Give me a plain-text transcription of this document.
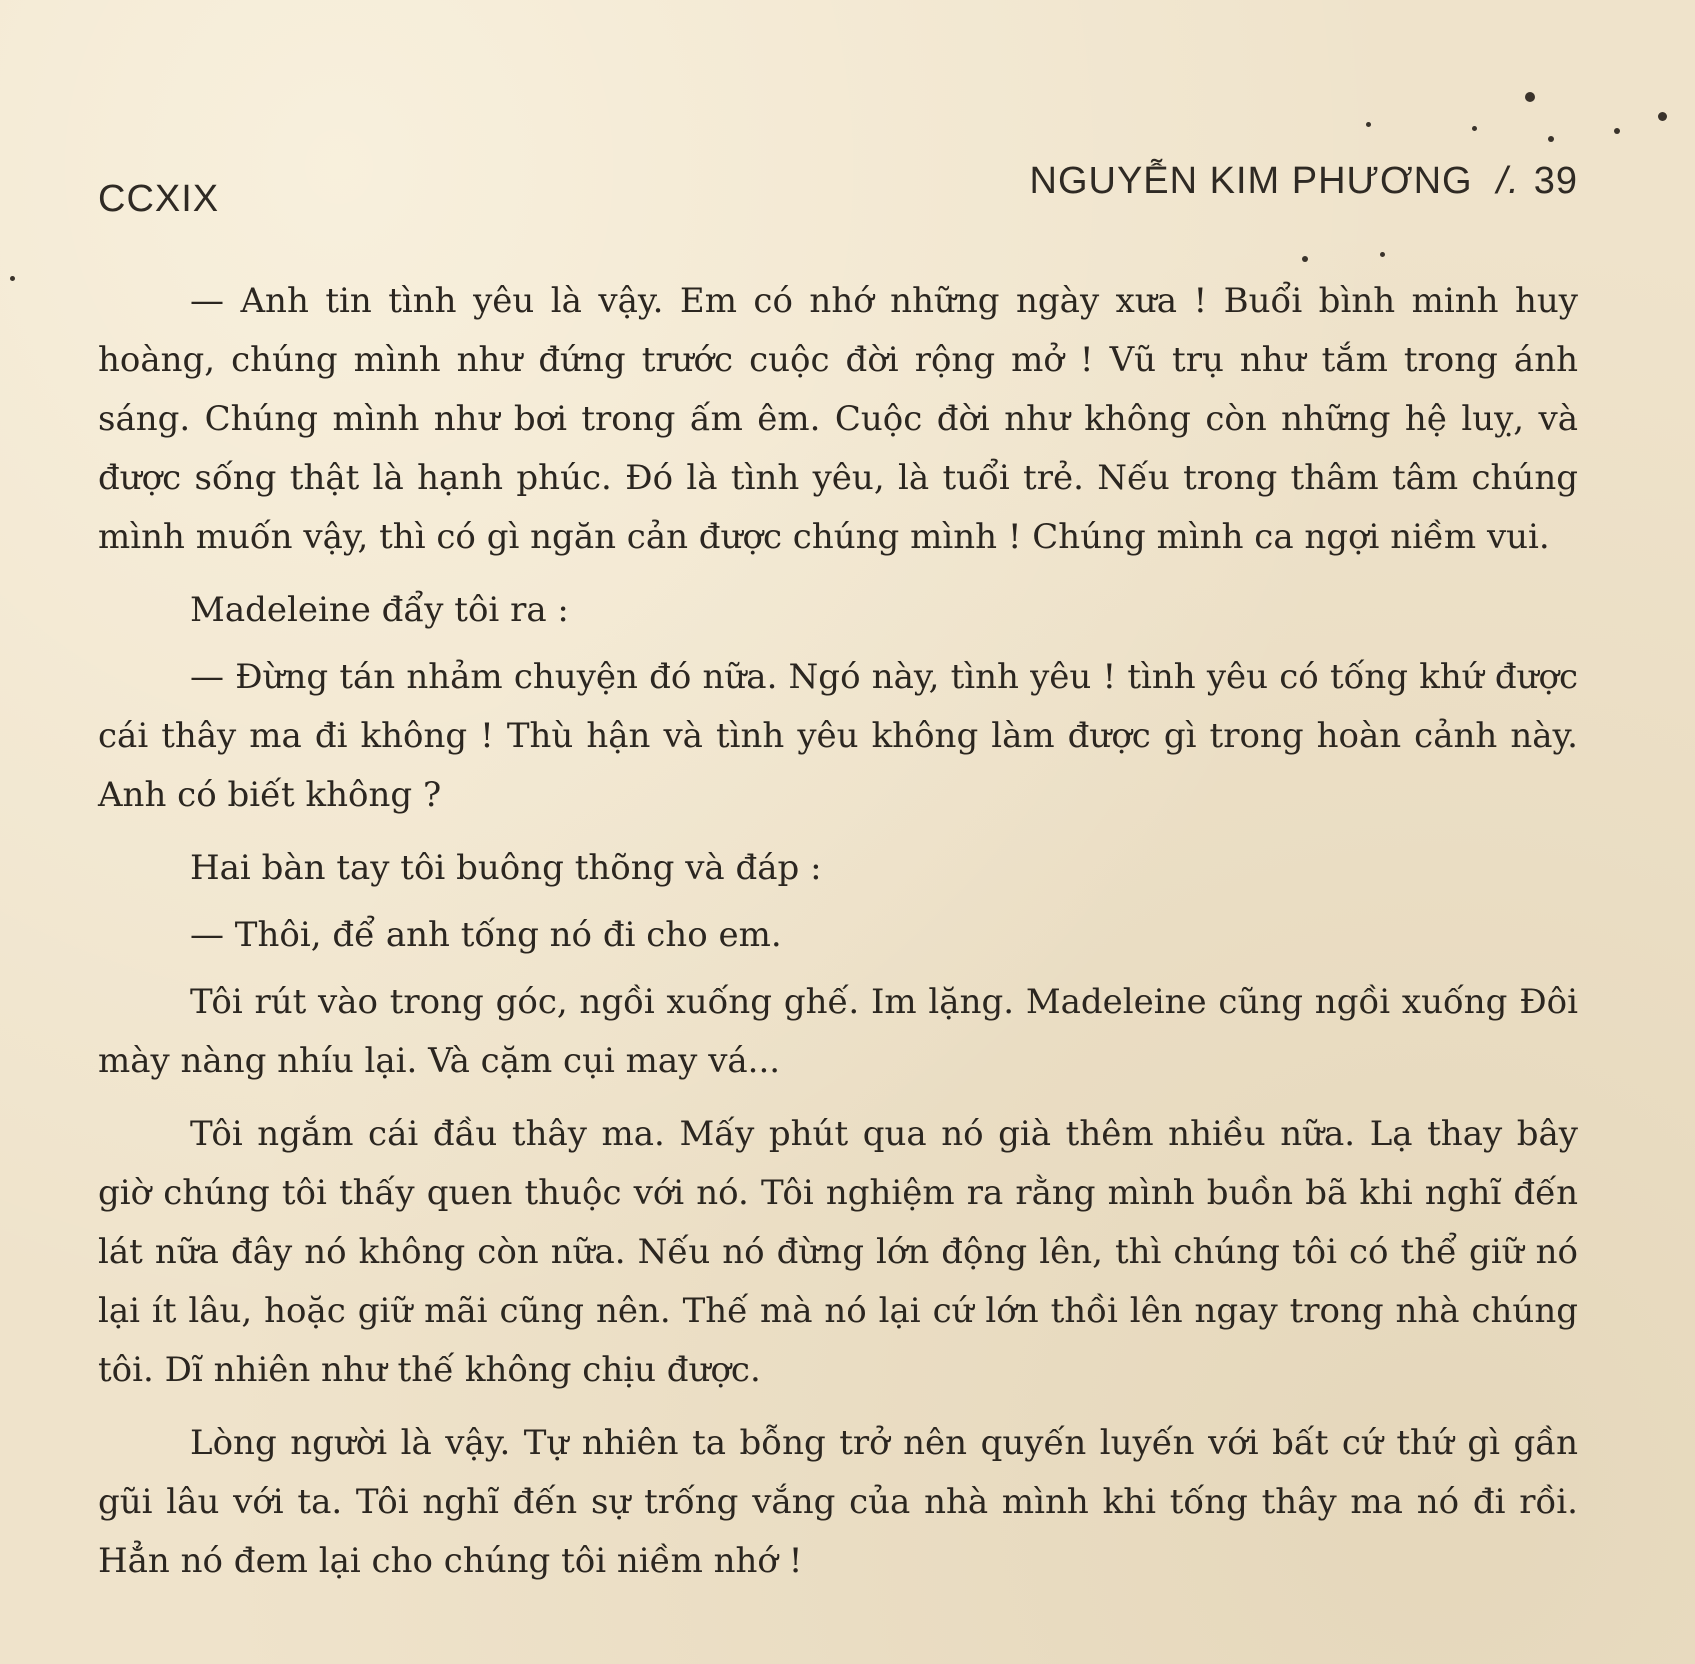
CCXIX	NGUYỄN KIM PHƯƠNG /. 39

— Anh tin tình yêu là vậy. Em có nhớ những ngày xưa ! Buổi bình minh huy hoàng, chúng mình như đứng trước cuộc đời rộng mở ! Vũ trụ như tắm trong ánh sáng. Chúng mình như bơi trong ấm êm. Cuộc đời như không còn những hệ luỵ, và được sống thật là hạnh phúc. Đó là tình yêu, là tuổi trẻ. Nếu trong thâm tâm chúng mình muốn vậy, thì có gì ngăn cản được chúng mình ! Chúng mình ca ngợi niềm vui.

Madeleine đẩy tôi ra :

— Đừng tán nhảm chuyện đó nữa. Ngó này, tình yêu ! tình yêu có tống khứ được cái thây ma đi không ! Thù hận và tình yêu không làm được gì trong hoàn cảnh này. Anh có biết không ?

Hai bàn tay tôi buông thõng và đáp :

— Thôi, để anh tống nó đi cho em.

Tôi rút vào trong góc, ngồi xuống ghế. Im lặng. Madeleine cũng ngồi xuống Đôi mày nàng nhíu lại. Và cặm cụi may vá...

Tôi ngắm cái đầu thây ma. Mấy phút qua nó già thêm nhiều nữa. Lạ thay bây giờ chúng tôi thấy quen thuộc với nó. Tôi nghiệm ra rằng mình buồn bã khi nghĩ đến lát nữa đây nó không còn nữa. Nếu nó đừng lớn động lên, thì chúng tôi có thể giữ nó lại ít lâu, hoặc giữ mãi cũng nên. Thế mà nó lại cứ lớn thồi lên ngay trong nhà chúng tôi. Dĩ nhiên như thế không chịu được.

Lòng người là vậy. Tự nhiên ta bỗng trở nên quyến luyến với bất cứ thứ gì gần gũi lâu với ta. Tôi nghĩ đến sự trống vắng của nhà mình khi tống thây ma nó đi rồi. Hẳn nó đem lại cho chúng tôi niềm nhớ !
